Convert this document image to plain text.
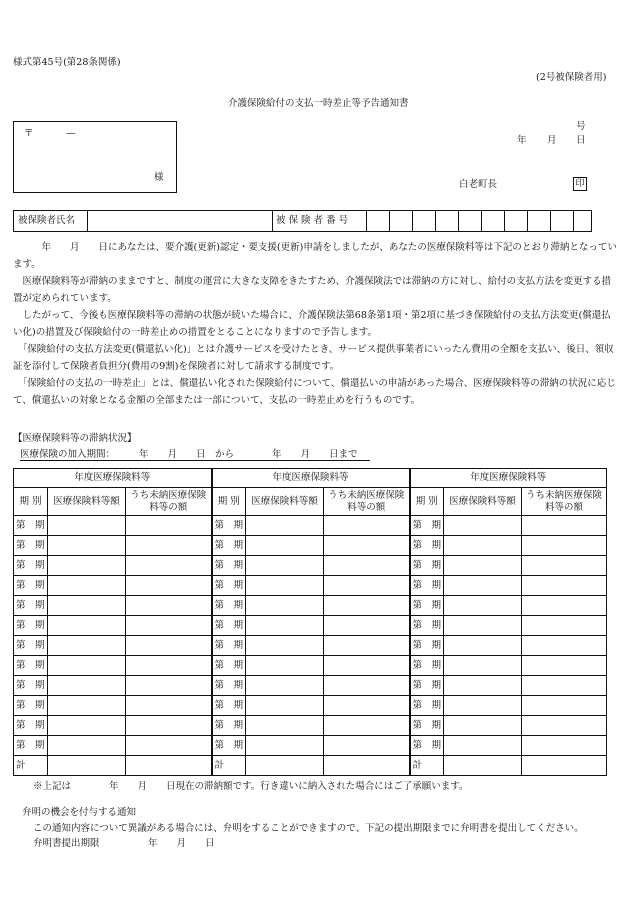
様式第45号(第28条関係)
(2号被保険者用)
介護保険給付の支払一時差止等予告通知書
〒	—
様
号
年 月 日
白老町長	印
被保険者氏名	被 保 険 者 番 号

　　　年　　月　　日にあなたは、要介護(更新)認定・要支援(更新)申請をしましたが、あなたの医療保険料等は下記のとおり滞納となっています。

　医療保険料等が滞納のままですと、制度の運営に大きな支障をきたすため、介護保険法では滞納の方に対し、給付の支払方法を変更する措置が定められています。

　したがって、今後も医療保険料等の滞納の状態が続いた場合に、介護保険法第68条第1項・第2項に基づき保険給付の支払方法変更(償還払い化)の措置及び保険給付の一時差止めの措置をとることになりますので予告します。

　「保険給付の支払方法変更(償還払い化)」とは介護サービスを受けたとき、サービス提供事業者にいったん費用の全額を支払い、後日、領収証を添付して保険者負担分(費用の9割)を保険者に対して請求する制度です。

　「保険給付の支払の一時差止」とは、償還払い化された保険給付について、償還払いの申請があった場合、医療保険料等の滞納の状況に応じて、償還払いの対象となる金額の全部または一部について、支払の一時差止めを行うものです。

【医療保険料等の滞納状況】
医療保険の加入期間：	年　　月　　日　から　　　　年　　月　　日まで
年度医療保険料等			年度医療保険料等			年度医療保険料等		
期 別	医療保険料等額	うち未納医療保険料等の額	期 別	医療保険料等額	うち未納医療保険料等の額	期 別	医療保険料等額	うち未納医療保険料等の額
第　期			第　期			第　期		
第　期			第　期			第　期		
第　期			第　期			第　期		
第　期			第　期			第　期		
第　期			第　期			第　期		
第　期			第　期			第　期		
第　期			第　期			第　期		
第　期			第　期			第　期		
第　期			第　期			第　期		
第　期			第　期			第　期		
第　期			第　期			第　期		
第　期			第　期			第　期		
計			計			計		
※上記は　　　　年　　月　　日現在の滞納額です。行き違いに納入された場合にはご了承願います。
弁明の機会を付与する通知
この通知内容について異議がある場合には、弁明をすることができますので、下記の提出期限までに弁明書を提出してください。
弁明書提出期限	年　　月　　日
